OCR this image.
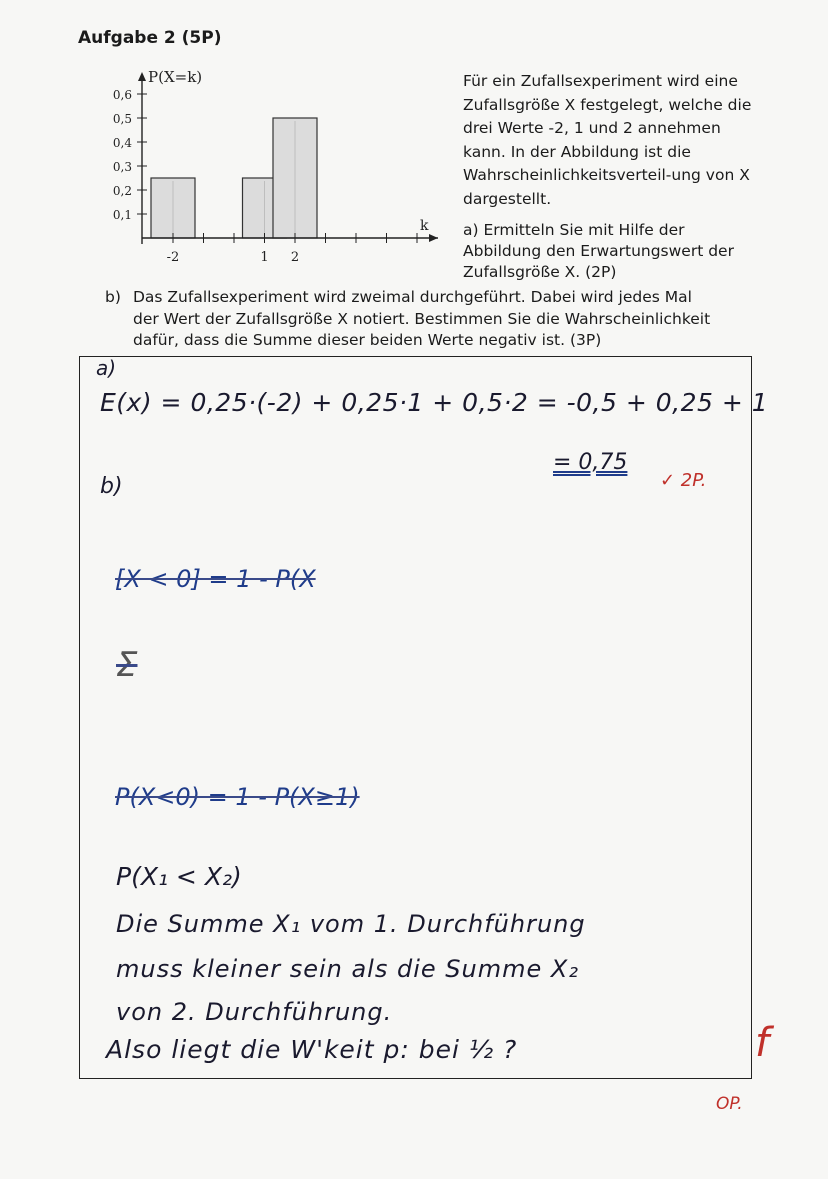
Aufgabe 2 (5P)
0,1
0,2
0,3
0,4
0,5
0,6
-2	1 2
P(X=k)
k
Für ein Zufallsexperiment wird eine Zufallsgröße X festgelegt, welche die drei Werte -2, 1 und 2 annehmen kann. In der Abbildung ist die Wahrscheinlichkeitsverteil-ung von X dargestellt.
a) Ermitteln Sie mit Hilfe der Abbildung den Erwartungswert der Zufallsgröße X. (2P)
b) Das Zufallsexperiment wird zweimal durchgeführt. Dabei wird jedes Mal
der Wert der Zufallsgröße X notiert. Bestimmen Sie die Wahrscheinlichkeit
dafür, dass die Summe dieser beiden Werte negativ ist. (3P)
a)
E(x) = 0,25·(-2) + 0,25·1 + 0,5·2 = -0,5 + 0,25 + 1
= 0,75
✓ 2P.
b)
[X < 0] = 1 - P(X
Σ
P(X<0) = 1 - P(X≥1)
P(X₁ < X₂)
Die Summe X₁ vom 1. Durchführung
muss kleiner sein als die Summe X₂
von 2. Durchführung.
Also liegt die W'keit p: bei ½ ?	f
OP.
